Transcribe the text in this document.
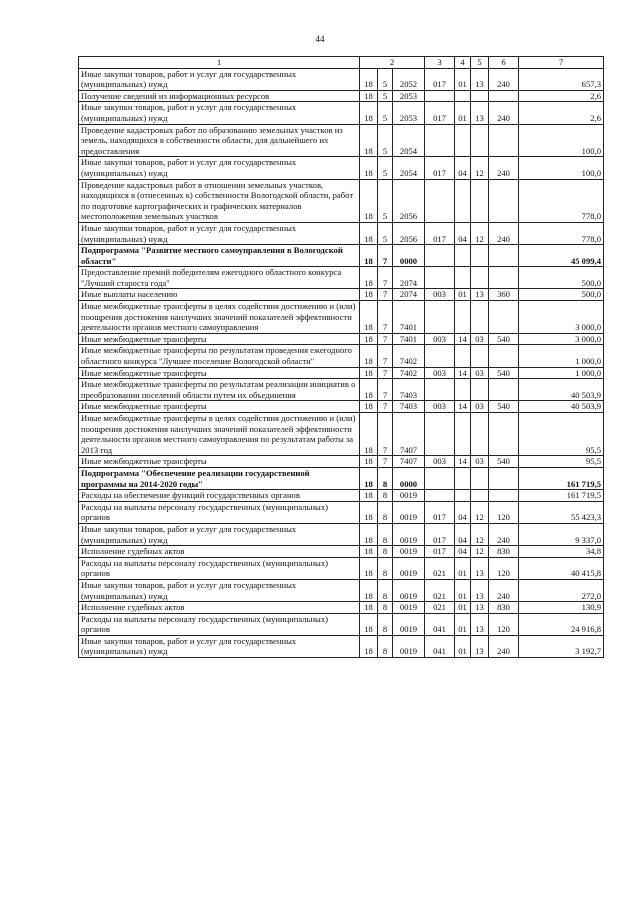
44
1	2			3	4	5	6	7
Иные закупки товаров, работ и услуг для государственных (муниципальных) нужд	18	5	2052	017	01	13	240	657,3
Получение сведений из информационных ресурсов	18	5	2053					2,6
Иные закупки товаров, работ и услуг для государственных (муниципальных) нужд	18	5	2053	017	01	13	240	2,6
Проведение кадастровых работ по образованию земельных участков из земель, находящихся в собственности области, для дальнейшего их предоставления	18	5	2054					100,0
Иные закупки товаров, работ и услуг для государственных (муниципальных) нужд	18	5	2054	017	04	12	240	100,0
Проведение кадастровых работ в отношении земельных участков, находящихся в (отнесенных к) собственности Вологодской области, работ по подготовке картографических и графических материалов местоположения земельных участков	18	5	2056					778,0
Иные закупки товаров, работ и услуг для государственных (муниципальных) нужд	18	5	2056	017	04	12	240	778,0
Подпрограмма "Развитие местного самоуправления в Вологодской области"	18	7	0000					45 099,4
Предоставление премий победителям ежегодного областного конкурса "Лучший староста года"	18	7	2074					500,0
Иные выплаты населению	18	7	2074	003	01	13	360	500,0
Иные межбюджетные трансферты в целях содействия достижению и (или) поощрения достижения наилучших значений показателей эффективности деятельности органов местного самоуправления	18	7	7401					3 000,0
Иные межбюджетные трансферты	18	7	7401	003	14	03	540	3 000,0
Иные межбюджетные трансферты по результатам проведения ежегодного областного конкурса "Лучшее поселение Вологодской области"	18	7	7402					1 000,0
Иные межбюджетные трансферты	18	7	7402	003	14	03	540	1 000,0
Иные межбюджетные трансферты по результатам реализации инициатив о преобразовании поселений области путем их объединения	18	7	7403					40 503,9
Иные межбюджетные трансферты	18	7	7403	003	14	03	540	40 503,9
Иные межбюджетные трансферты в целях содействия достижению и (или) поощрения достижения наилучших значений показателей эффективности деятельности органов местного самоуправления по результатам работы за 2013 год	18	7	7407					95,5
Иные межбюджетные трансферты	18	7	7407	003	14	03	540	95,5
Подпрограмма "Обеспечение реализации государственной программы на 2014-2020 годы"	18	8	0000					161 719,5
Расходы на обеспечение функций государственных органов	18	8	0019					161 719,5
Расходы на выплаты персоналу государственных (муниципальных) органов	18	8	0019	017	04	12	120	55 423,3
Иные закупки товаров, работ и услуг для государственных (муниципальных) нужд	18	8	0019	017	04	12	240	9 337,0
Исполнение судебных актов	18	8	0019	017	04	12	830	34,8
Расходы на выплаты персоналу государственных (муниципальных) органов	18	8	0019	021	01	13	120	40 415,8
Иные закупки товаров, работ и услуг для государственных (муниципальных) нужд	18	8	0019	021	01	13	240	272,0
Исполнение судебных актов	18	8	0019	021	01	13	830	130,9
Расходы на выплаты персоналу государственных (муниципальных) органов	18	8	0019	041	01	13	120	24 916,8
Иные закупки товаров, работ и услуг для государственных (муниципальных) нужд	18	8	0019	041	01	13	240	3 192,7
